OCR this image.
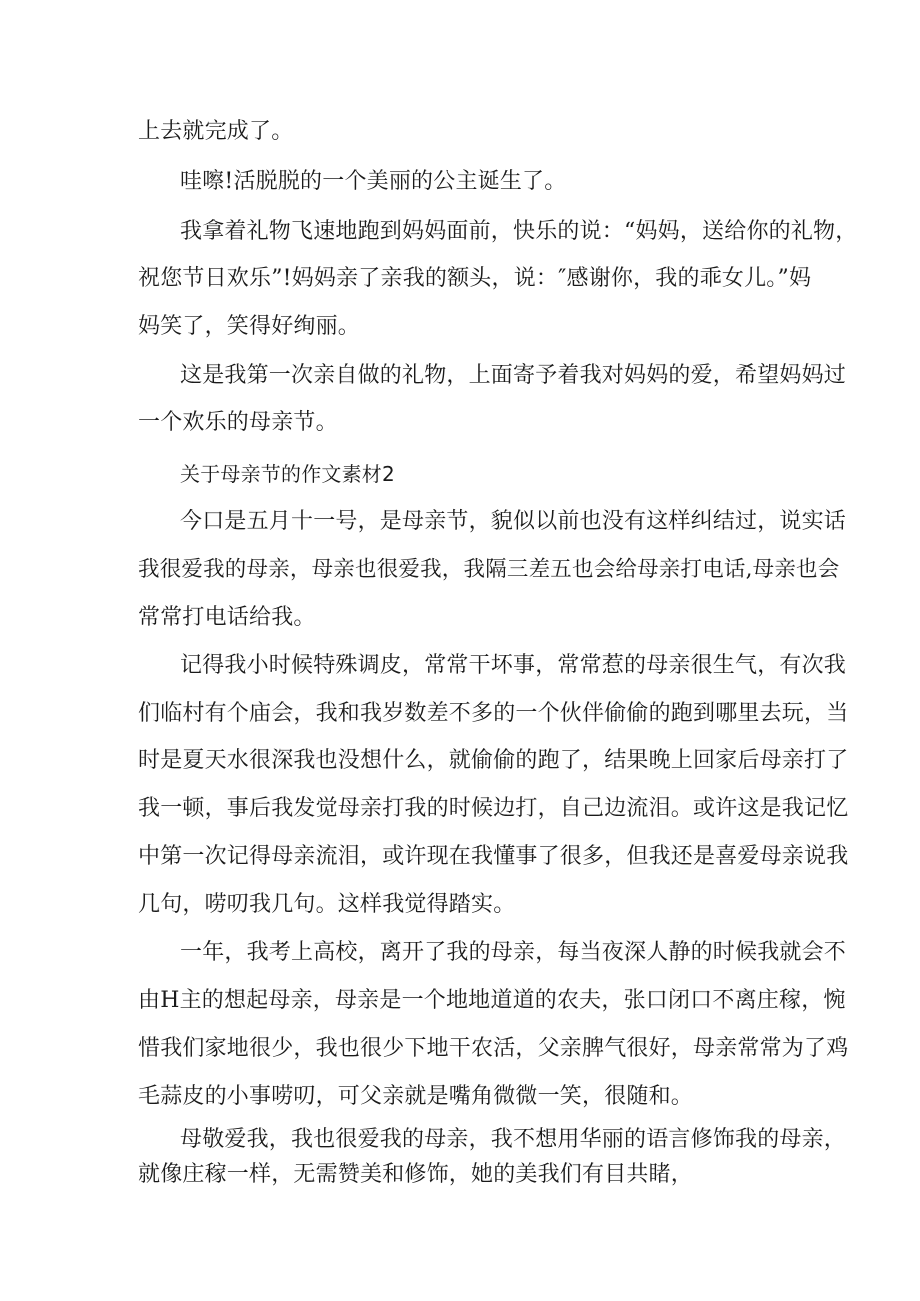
上去就完成了。
哇嚓!活脱脱的一个美丽的公主诞生了。
我拿着礼物飞速地跑到妈妈面前，快乐的说：“妈妈，送给你的礼物，
祝您节日欢乐”!妈妈亲了亲我的额头，说：″感谢你，我的乖女儿。”妈
妈笑了，笑得好绚丽。
这是我第一次亲自做的礼物，上面寄予着我对妈妈的爱，希望妈妈过
一个欢乐的母亲节。
关于母亲节的作文素材2
今口是五月十一号，是母亲节，貌似以前也没有这样纠结过，说实话
我很爱我的母亲，母亲也很爱我，我隔三差五也会给母亲打电话,母亲也会
常常打电话给我。
记得我小时候特殊调皮，常常干坏事，常常惹的母亲很生气，有次我
们临村有个庙会，我和我岁数差不多的一个伙伴偷偷的跑到哪里去玩，当
时是夏天水很深我也没想什么，就偷偷的跑了，结果晚上回家后母亲打了
我一顿，事后我发觉母亲打我的时候边打，自己边流泪。或许这是我记忆
中第一次记得母亲流泪，或许现在我懂事了很多，但我还是喜爱母亲说我
几句，唠叨我几句。这样我觉得踏实。
一年，我考上高校，离开了我的母亲，每当夜深人静的时候我就会不
由H主的想起母亲，母亲是一个地地道道的农夫，张口闭口不离庄稼，惋
惜我们家地很少，我也很少下地干农活，父亲脾气很好，母亲常常为了鸡
毛蒜皮的小事唠叨，可父亲就是嘴角微微一笑，很随和。
母敬爱我，我也很爱我的母亲，我不想用华丽的语言修饰我的母亲，
就像庄稼一样，无需赞美和修饰，她的美我们有目共睹，
